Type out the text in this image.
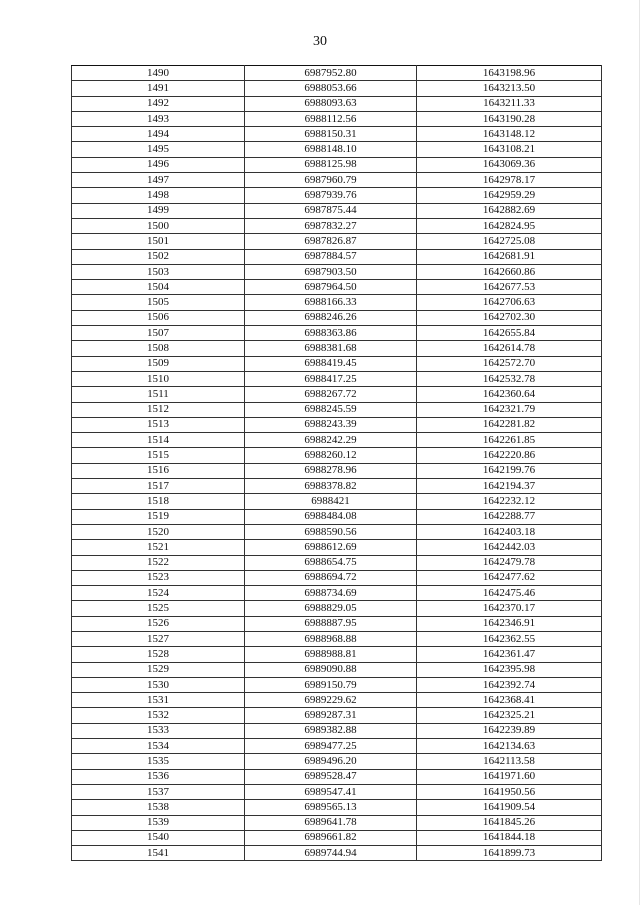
30
1490	6987952.80	1643198.96
1491	6988053.66	1643213.50
1492	6988093.63	1643211.33
1493	6988112.56	1643190.28
1494	6988150.31	1643148.12
1495	6988148.10	1643108.21
1496	6988125.98	1643069.36
1497	6987960.79	1642978.17
1498	6987939.76	1642959.29
1499	6987875.44	1642882.69
1500	6987832.27	1642824.95
1501	6987826.87	1642725.08
1502	6987884.57	1642681.91
1503	6987903.50	1642660.86
1504	6987964.50	1642677.53
1505	6988166.33	1642706.63
1506	6988246.26	1642702.30
1507	6988363.86	1642655.84
1508	6988381.68	1642614.78
1509	6988419.45	1642572.70
1510	6988417.25	1642532.78
1511	6988267.72	1642360.64
1512	6988245.59	1642321.79
1513	6988243.39	1642281.82
1514	6988242.29	1642261.85
1515	6988260.12	1642220.86
1516	6988278.96	1642199.76
1517	6988378.82	1642194.37
1518	6988421	1642232.12
1519	6988484.08	1642288.77
1520	6988590.56	1642403.18
1521	6988612.69	1642442.03
1522	6988654.75	1642479.78
1523	6988694.72	1642477.62
1524	6988734.69	1642475.46
1525	6988829.05	1642370.17
1526	6988887.95	1642346.91
1527	6988968.88	1642362.55
1528	6988988.81	1642361.47
1529	6989090.88	1642395.98
1530	6989150.79	1642392.74
1531	6989229.62	1642368.41
1532	6989287.31	1642325.21
1533	6989382.88	1642239.89
1534	6989477.25	1642134.63
1535	6989496.20	1642113.58
1536	6989528.47	1641971.60
1537	6989547.41	1641950.56
1538	6989565.13	1641909.54
1539	6989641.78	1641845.26
1540	6989661.82	1641844.18
1541	6989744.94	1641899.73
